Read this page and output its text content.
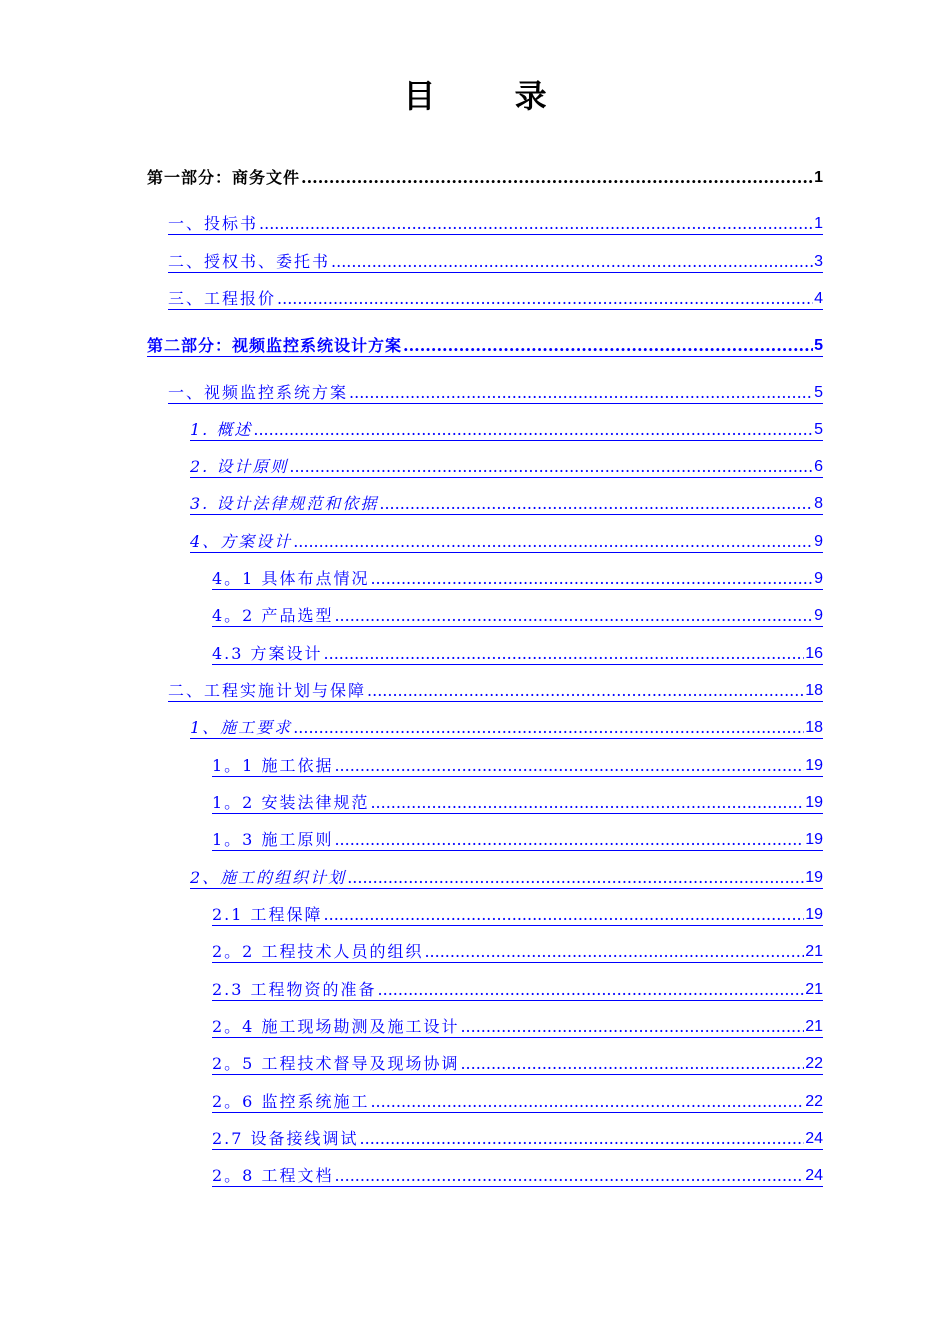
目 录
第一部分：商务文件 .....	1
一、投标书 .....	1
二、授权书、委托书 .....	3
三、工程报价 .....	4
第二部分：视频监控系统设计方案 .....	5
一、视频监控系统方案 .....	5
1. 概述 .....	5
2. 设计原则 .....	6
3. 设计法律规范和依据 .....	8
4、方案设计 .....	9
4。1 具体布点情况 .....	9
4。2 产品选型 .....	9
4.3 方案设计 .....	16
二、工程实施计划与保障 .....	18
1、施工要求 .....	18
1。1 施工依据 .....	19
1。2 安装法律规范 .....	19
1。3 施工原则 .....	19
2、施工的组织计划 .....	19
2.1 工程保障 .....	19
2。2 工程技术人员的组织 .....	21
2.3 工程物资的准备 .....	21
2。4 施工现场勘测及施工设计 .....	21
2。5 工程技术督导及现场协调 .....	22
2。6 监控系统施工 .....	22
2.7 设备接线调试 .....	24
2。8 工程文档 .....	24
